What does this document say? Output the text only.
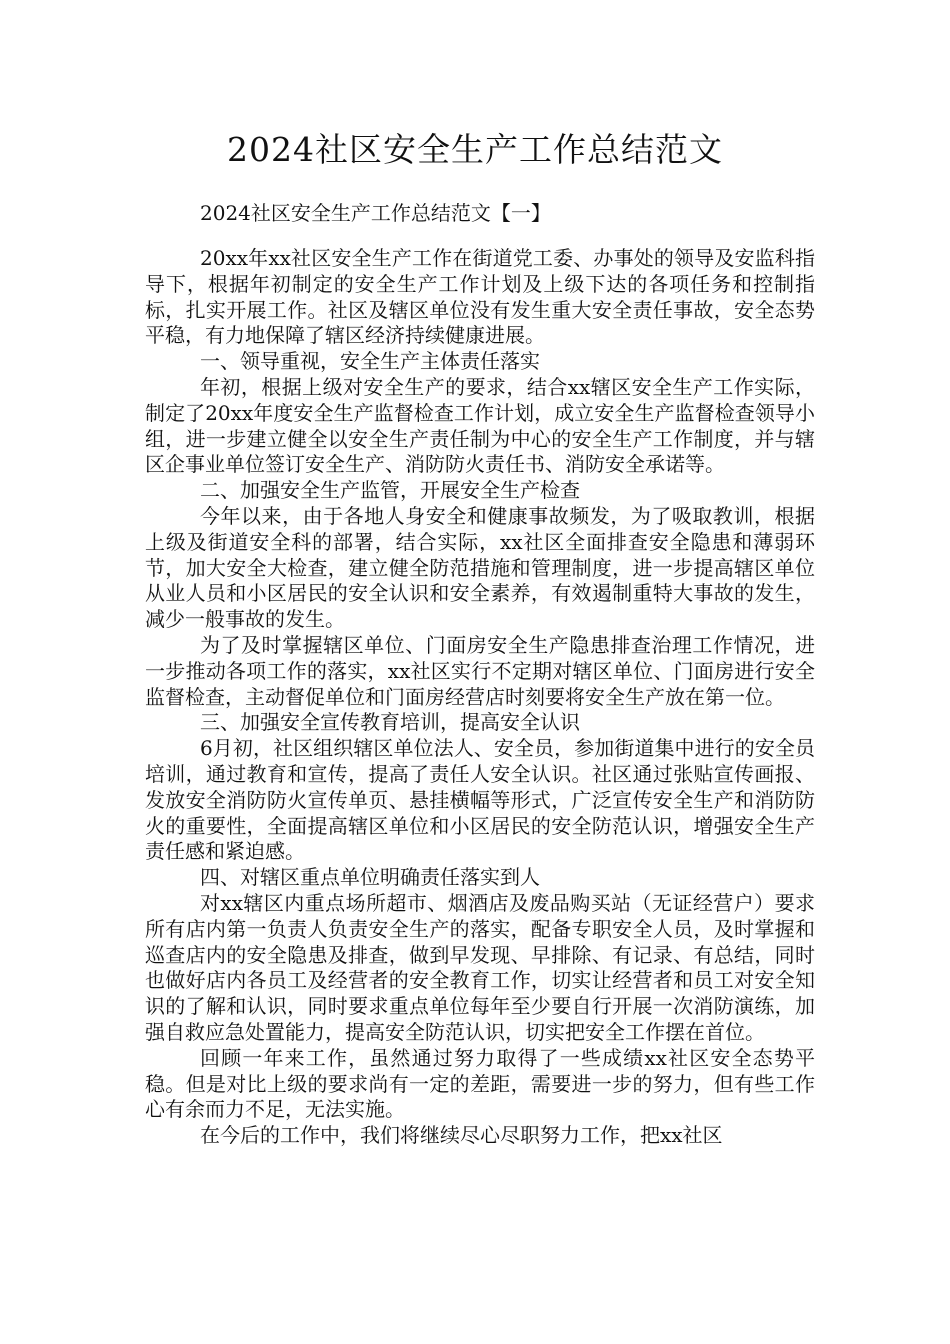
2024社区安全生产工作总结范文
2024社区安全生产工作总结范文【一】

20xx年xx社区安全生产工作在街道党工委、办事处的领导及安监科指导下，根据年初制定的安全生产工作计划及上级下达的各项任务和控制指标，扎实开展工作。社区及辖区单位没有发生重大安全责任事故，安全态势平稳，有力地保障了辖区经济持续健康进展。

一、领导重视，安全生产主体责任落实

年初，根据上级对安全生产的要求，结合xx辖区安全生产工作实际，制定了20xx年度安全生产监督检查工作计划，成立安全生产监督检查领导小组，进一步建立健全以安全生产责任制为中心的安全生产工作制度，并与辖区企事业单位签订安全生产、消防防火责任书、消防安全承诺等。

二、加强安全生产监管，开展安全生产检查

今年以来，由于各地人身安全和健康事故频发，为了吸取教训，根据上级及街道安全科的部署，结合实际，xx社区全面排查安全隐患和薄弱环节，加大安全大检查，建立健全防范措施和管理制度，进一步提高辖区单位从业人员和小区居民的安全认识和安全素养，有效遏制重特大事故的发生，减少一般事故的发生。

为了及时掌握辖区单位、门面房安全生产隐患排查治理工作情况，进一步推动各项工作的落实，xx社区实行不定期对辖区单位、门面房进行安全监督检查，主动督促单位和门面房经营店时刻要将安全生产放在第一位。

三、加强安全宣传教育培训，提高安全认识

6月初，社区组织辖区单位法人、安全员，参加街道集中进行的安全员培训，通过教育和宣传，提高了责任人安全认识。社区通过张贴宣传画报、发放安全消防防火宣传单页、悬挂横幅等形式，广泛宣传安全生产和消防防火的重要性，全面提高辖区单位和小区居民的安全防范认识，增强安全生产责任感和紧迫感。

四、对辖区重点单位明确责任落实到人

对xx辖区内重点场所超市、烟酒店及废品购买站（无证经营户）要求所有店内第一负责人负责安全生产的落实，配备专职安全人员，及时掌握和巡查店内的安全隐患及排查，做到早发现、早排除、有记录、有总结，同时也做好店内各员工及经营者的安全教育工作，切实让经营者和员工对安全知识的了解和认识，同时要求重点单位每年至少要自行开展一次消防演练，加强自救应急处置能力，提高安全防范认识，切实把安全工作摆在首位。

回顾一年来工作，虽然通过努力取得了一些成绩xx社区安全态势平稳。但是对比上级的要求尚有一定的差距，需要进一步的努力，但有些工作心有余而力不足，无法实施。

在今后的工作中，我们将继续尽心尽职努力工作，把xx社区
